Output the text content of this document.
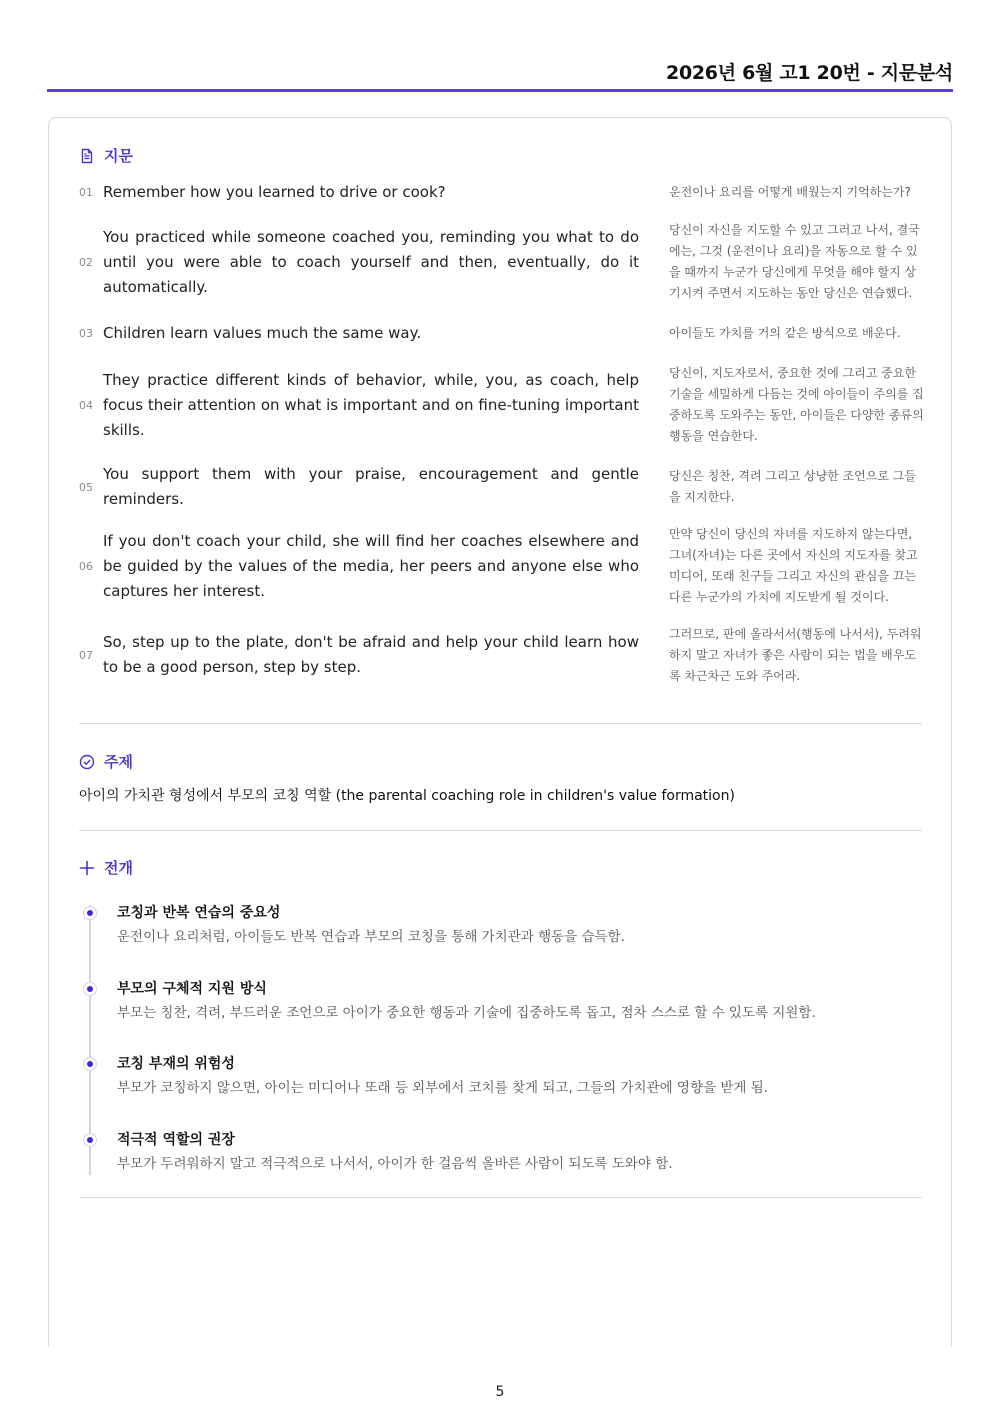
2026년 6월 고1 20번 - 지문분석
지문
01 Remember how you learned to drive or cook?	운전이나 요리를 어떻게 배웠는지 기억하는가?
02
You practiced while someone coached you, reminding you what to do until you were able to coach yourself and then, eventually, do it automatically.
당신이 자신을 지도할 수 있고 그러고 나서, 결국에는, 그것 (운전이나 요리)을 자동으로 할 수 있을 때까지 누군가 당신에게 무엇을 해야 할지 상기시켜 주면서 지도하는 동안 당신은 연습했다.
03 Children learn values much the same way.	아이들도 가치를 거의 같은 방식으로 배운다.
04
They practice different kinds of behavior, while, you, as coach, help focus their attention on what is important and on fine-tuning important skills.
당신이, 지도자로서, 중요한 것에 그리고 중요한 기술을 세밀하게 다듬는 것에 아이들이 주의를 집중하도록 도와주는 동안, 아이들은 다양한 종류의 행동을 연습한다.
05
You support them with your praise, encouragement and gentle reminders.
당신은 칭찬, 격려 그리고 상냥한 조언으로 그들을 지지한다.
06
If you don't coach your child, she will find her coaches elsewhere and be guided by the values of the media, her peers and anyone else who captures her interest.
만약 당신이 당신의 자녀를 지도하지 않는다면, 그녀(자녀)는 다른 곳에서 자신의 지도자를 찾고 미디어, 또래 친구들 그리고 자신의 관심을 끄는 다른 누군가의 가치에 지도받게 될 것이다.
07
So, step up to the plate, don't be afraid and help your child learn how to be a good person, step by step.
그러므로, 판에 올라서서(행동에 나서서), 두려워하지 말고 자녀가 좋은 사람이 되는 법을 배우도록 차근차근 도와 주어라.
주제
아이의 가치관 형성에서 부모의 코칭 역할 (the parental coaching role in children's value formation)
전개
코칭과 반복 연습의 중요성
운전이나 요리처럼, 아이들도 반복 연습과 부모의 코칭을 통해 가치관과 행동을 습득함.
부모의 구체적 지원 방식
부모는 칭찬, 격려, 부드러운 조언으로 아이가 중요한 행동과 기술에 집중하도록 돕고, 점차 스스로 할 수 있도록 지원함.
코칭 부재의 위험성
부모가 코칭하지 않으면, 아이는 미디어나 또래 등 외부에서 코치를 찾게 되고, 그들의 가치관에 영향을 받게 됨.
적극적 역할의 권장
부모가 두려워하지 말고 적극적으로 나서서, 아이가 한 걸음씩 올바른 사람이 되도록 도와야 함.
5
